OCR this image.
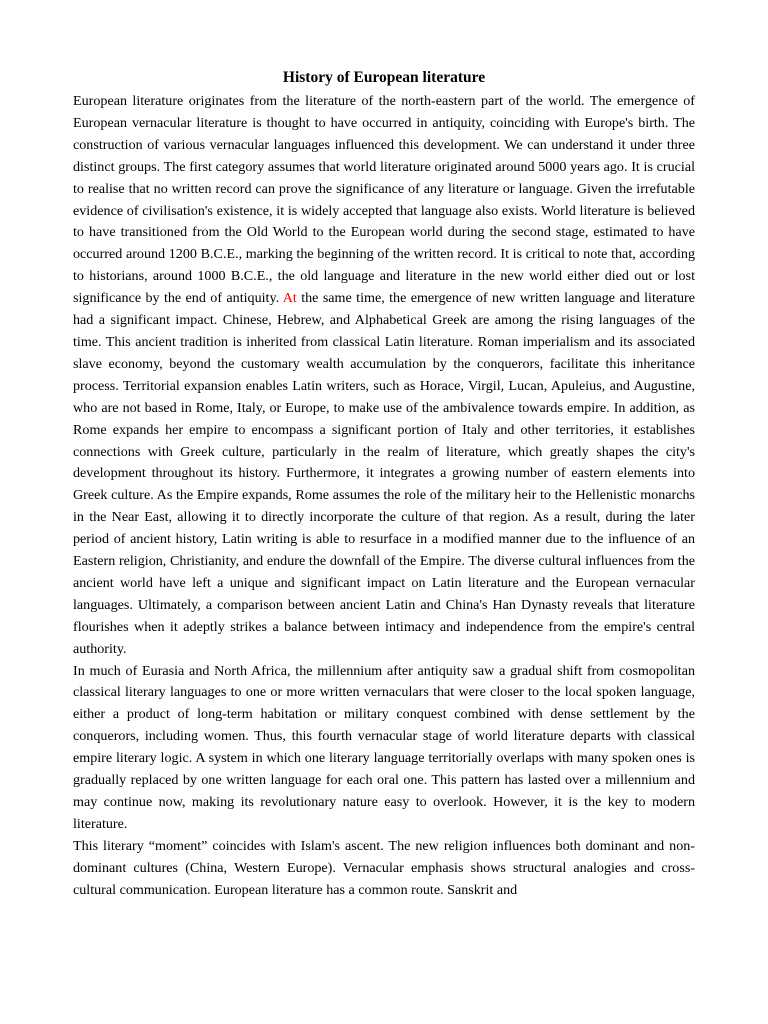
History of European literature

European literature originates from the literature of the north-eastern part of the world. The emergence of European vernacular literature is thought to have occurred in antiquity, coinciding with Europe's birth. The construction of various vernacular languages influenced this development. We can understand it under three distinct groups. The first category assumes that world literature originated around 5000 years ago. It is crucial to realise that no written record can prove the significance of any literature or language. Given the irrefutable evidence of civilisation's existence, it is widely accepted that language also exists. World literature is believed to have transitioned from the Old World to the European world during the second stage, estimated to have occurred around 1200 B.C.E., marking the beginning of the written record. It is critical to note that, according to historians, around 1000 B.C.E., the old language and literature in the new world either died out or lost significance by the end of antiquity. At the same time, the emergence of new written language and literature had a significant impact. Chinese, Hebrew, and Alphabetical Greek are among the rising languages of the time. This ancient tradition is inherited from classical Latin literature. Roman imperialism and its associated slave economy, beyond the customary wealth accumulation by the conquerors, facilitate this inheritance process. Territorial expansion enables Latin writers, such as Horace, Virgil, Lucan, Apuleius, and Augustine, who are not based in Rome, Italy, or Europe, to make use of the ambivalence towards empire. In addition, as Rome expands her empire to encompass a significant portion of Italy and other territories, it establishes connections with Greek culture, particularly in the realm of literature, which greatly shapes the city's development throughout its history. Furthermore, it integrates a growing number of eastern elements into Greek culture. As the Empire expands, Rome assumes the role of the military heir to the Hellenistic monarchs in the Near East, allowing it to directly incorporate the culture of that region. As a result, during the later period of ancient history, Latin writing is able to resurface in a modified manner due to the influence of an Eastern religion, Christianity, and endure the downfall of the Empire. The diverse cultural influences from the ancient world have left a unique and significant impact on Latin literature and the European vernacular languages. Ultimately, a comparison between ancient Latin and China's Han Dynasty reveals that literature flourishes when it adeptly strikes a balance between intimacy and independence from the empire's central authority.

In much of Eurasia and North Africa, the millennium after antiquity saw a gradual shift from cosmopolitan classical literary languages to one or more written vernaculars that were closer to the local spoken language, either a product of long-term habitation or military conquest combined with dense settlement by the conquerors, including women. Thus, this fourth vernacular stage of world literature departs with classical empire literary logic. A system in which one literary language territorially overlaps with many spoken ones is gradually replaced by one written language for each oral one. This pattern has lasted over a millennium and may continue now, making its revolutionary nature easy to overlook. However, it is the key to modern literature.

This literary “moment” coincides with Islam's ascent. The new religion influences both dominant and non-dominant cultures (China, Western Europe). Vernacular emphasis shows structural analogies and cross-cultural communication. European literature has a common route. Sanskrit and
